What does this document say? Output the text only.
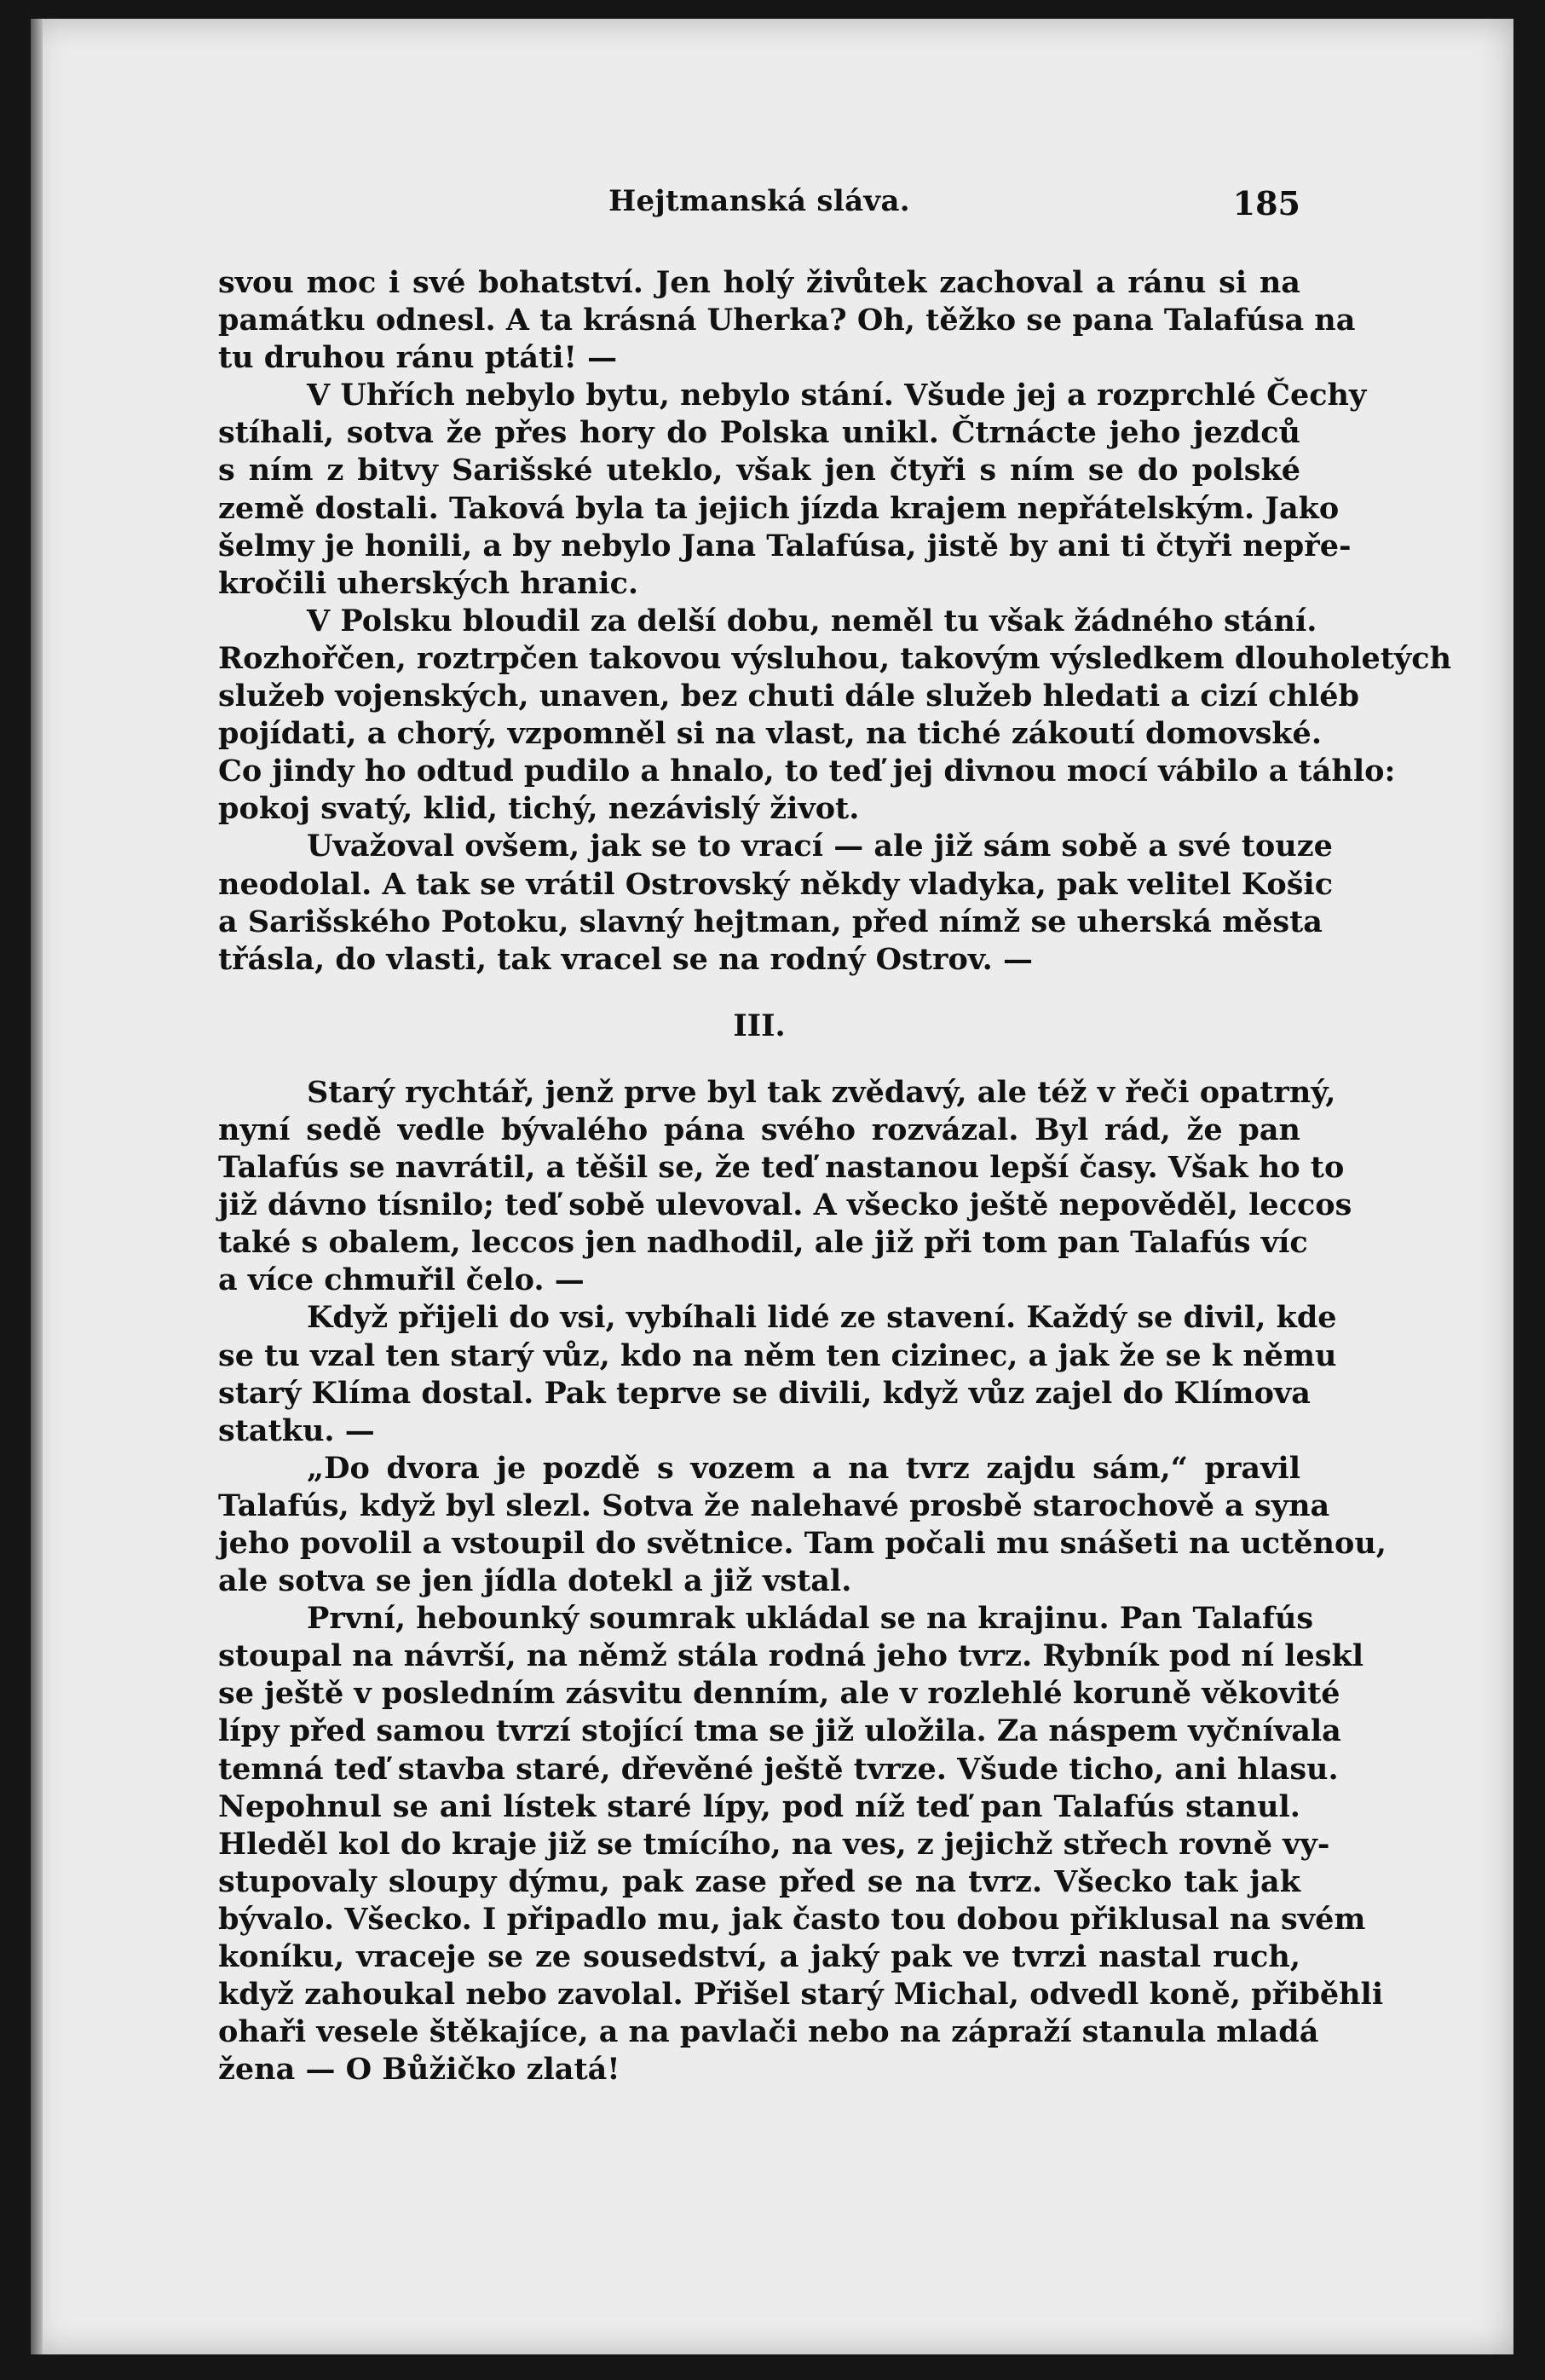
Hejtmanská sláva.	185
svou moc i své bohatství. Jen holý živůtek zachoval a ránu si na
památku odnesl. A ta krásná Uherka? Oh, těžko se pana Talafúsa na
tu druhou ránu ptáti! —
V Uhřích nebylo bytu, nebylo stání. Všude jej a rozprchlé Čechy
stíhali, sotva že přes hory do Polska unikl. Čtrnácte jeho jezdců
s ním z bitvy Sarišské uteklo, však jen čtyři s ním se do polské
země dostali. Taková byla ta jejich jízda krajem nepřátelským. Jako
šelmy je honili, a by nebylo Jana Talafúsa, jistě by ani ti čtyři nepře-
kročili uherských hranic.
V Polsku bloudil za delší dobu, neměl tu však žádného stání.
Rozhořčen, roztrpčen takovou výsluhou, takovým výsledkem dlouholetých
služeb vojenských, unaven, bez chuti dále služeb hledati a cizí chléb
pojídati, a chorý, vzpomněl si na vlast, na tiché zákoutí domovské.
Co jindy ho odtud pudilo a hnalo, to teď jej divnou mocí vábilo a táhlo:
pokoj svatý, klid, tichý, nezávislý život.
Uvažoval ovšem, jak se to vrací — ale již sám sobě a své touze
neodolal. A tak se vrátil Ostrovský někdy vladyka, pak velitel Košic
a Sarišského Potoku, slavný hejtman, před nímž se uherská města
třásla, do vlasti, tak vracel se na rodný Ostrov. —
III.
Starý rychtář, jenž prve byl tak zvědavý, ale též v řeči opatrný,
nyní sedě vedle bývalého pána svého rozvázal. Byl rád, že pan
Talafús se navrátil, a těšil se, že teď nastanou lepší časy. Však ho to
již dávno tísnilo; teď sobě ulevoval. A všecko ještě nepověděl, leccos
také s obalem, leccos jen nadhodil, ale již při tom pan Talafús víc
a více chmuřil čelo. —
Když přijeli do vsi, vybíhali lidé ze stavení. Každý se divil, kde
se tu vzal ten starý vůz, kdo na něm ten cizinec, a jak že se k němu
starý Klíma dostal. Pak teprve se divili, když vůz zajel do Klímova
statku. —
„Do dvora je pozdě s vozem a na tvrz zajdu sám,“ pravil
Talafús, když byl slezl. Sotva že nalehavé prosbě starochově a syna
jeho povolil a vstoupil do světnice. Tam počali mu snášeti na uctěnou,
ale sotva se jen jídla dotekl a již vstal.
První, hebounký soumrak ukládal se na krajinu. Pan Talafús
stoupal na návrší, na němž stála rodná jeho tvrz. Rybník pod ní leskl
se ještě v posledním zásvitu denním, ale v rozlehlé koruně věkovité
lípy před samou tvrzí stojící tma se již uložila. Za náspem vyčnívala
temná teď stavba staré, dřevěné ještě tvrze. Všude ticho, ani hlasu.
Nepohnul se ani lístek staré lípy, pod níž teď pan Talafús stanul.
Hleděl kol do kraje již se tmícího, na ves, z jejichž střech rovně vy-
stupovaly sloupy dýmu, pak zase před se na tvrz. Všecko tak jak
bývalo. Všecko. I připadlo mu, jak často tou dobou přiklusal na svém
koníku, vraceje se ze sousedství, a jaký pak ve tvrzi nastal ruch,
když zahoukal nebo zavolal. Přišel starý Michal, odvedl koně, přiběhli
ohaři vesele štěkajíce, a na pavlači nebo na zápraží stanula mladá
žena — O Bůžičko zlatá!
